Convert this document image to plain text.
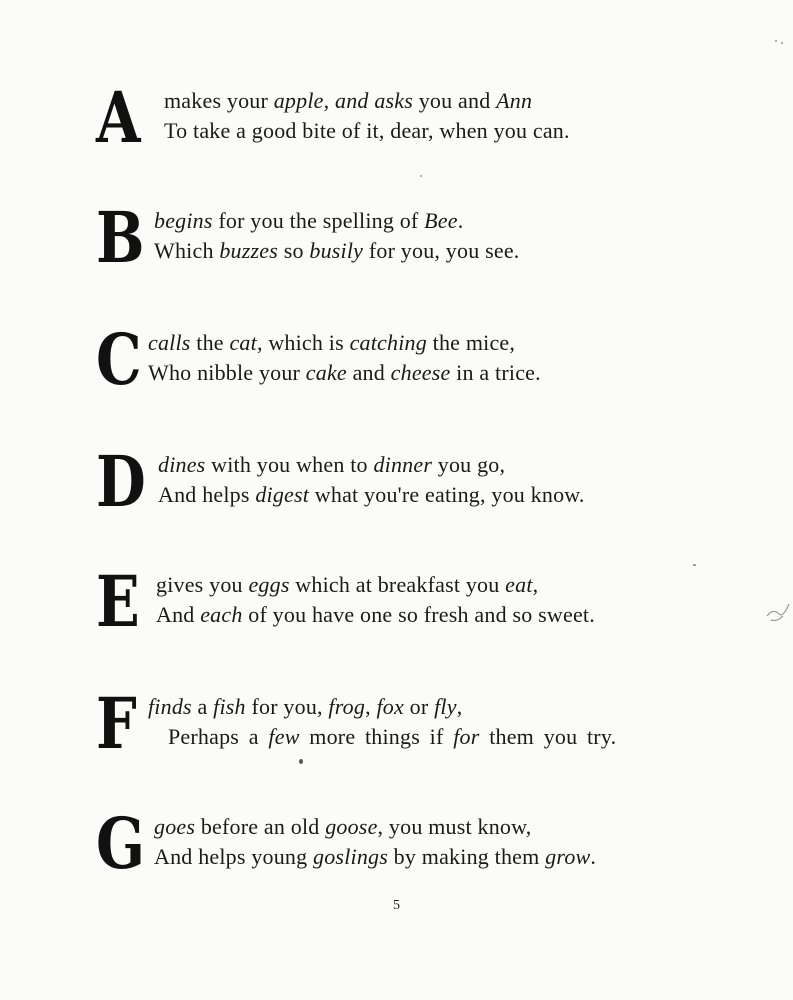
A makes your apple, and asks you and Ann
To take a good bite of it, dear, when you can.
B begins for you the spelling of Bee.
Which buzzes so busily for you, you see.
C calls the cat, which is catching the mice,
Who nibble your cake and cheese in a trice.
D dines with you when to dinner you go,
And helps digest what you're eating, you know.
E gives you eggs which at breakfast you eat,
And each of you have one so fresh and so sweet.
F finds a fish for you, frog, fox or fly,
Perhaps a few more things if for them you try.
G goes before an old goose, you must know,
And helps young goslings by making them grow.
5
